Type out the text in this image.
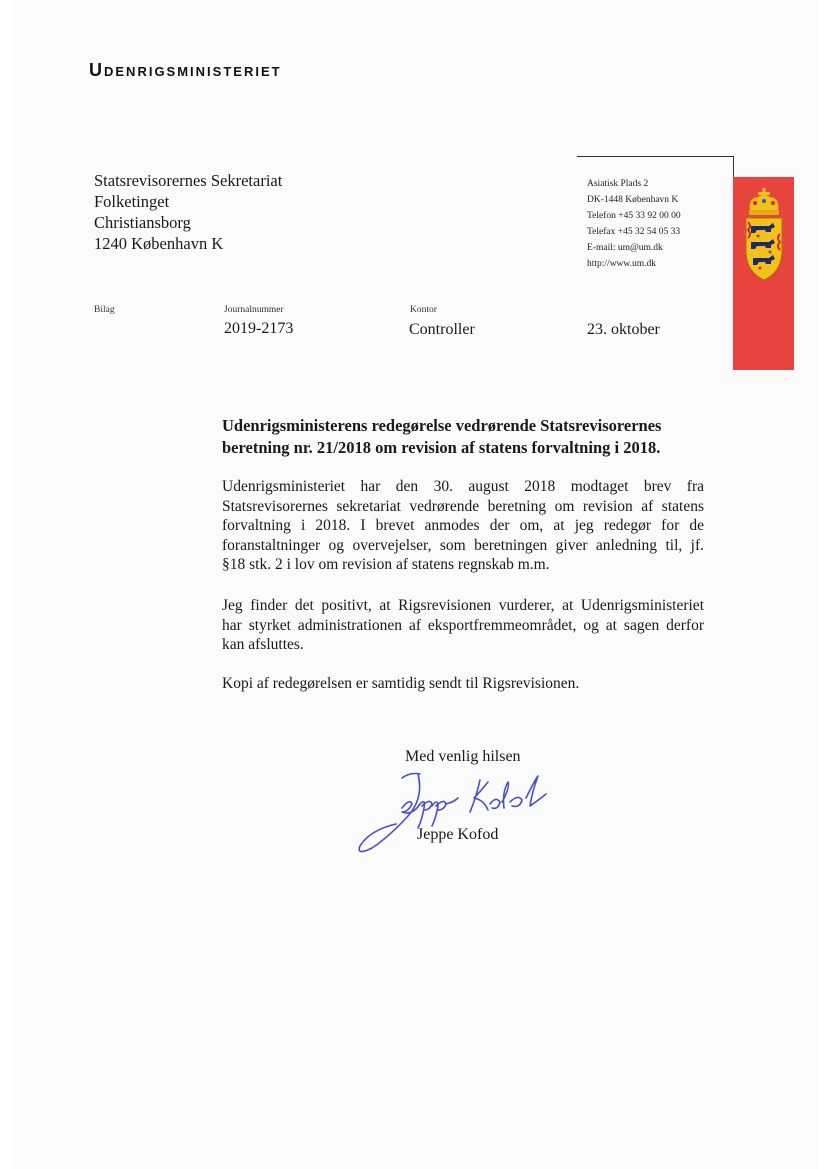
Udenrigsministeriet
Statsrevisorernes Sekretariat
Folketinget
Christiansborg
1240 København K
Asiatisk Plads 2
DK-1448 København K
Telefon +45 33 92 00 00
Telefax +45 32 54 05 33
E-mail: um@um.dk
http://www.um.dk
Bilag	Journalnummer
2019-2173
Kontor
Controller	23. oktober
Udenrigsministerens redegørelse vedrørende Statsrevisorernes
beretning nr. 21/2018 om revision af statens forvaltning i 2018.
Udenrigsministeriet har den 30. august 2018 modtaget brev fra
Statsrevisorernes sekretariat vedrørende beretning om revision af statens
forvaltning i 2018. I brevet anmodes der om, at jeg redegør for de
foranstaltninger og overvejelser, som beretningen giver anledning til, jf.
§18 stk. 2 i lov om revision af statens regnskab m.m.
Jeg finder det positivt, at Rigsrevisionen vurderer, at Udenrigsministeriet
har styrket administrationen af eksportfremmeområdet, og at sagen derfor
kan afsluttes.
Kopi af redegørelsen er samtidig sendt til Rigsrevisionen.
Med venlig hilsen
Jeppe Kofod
